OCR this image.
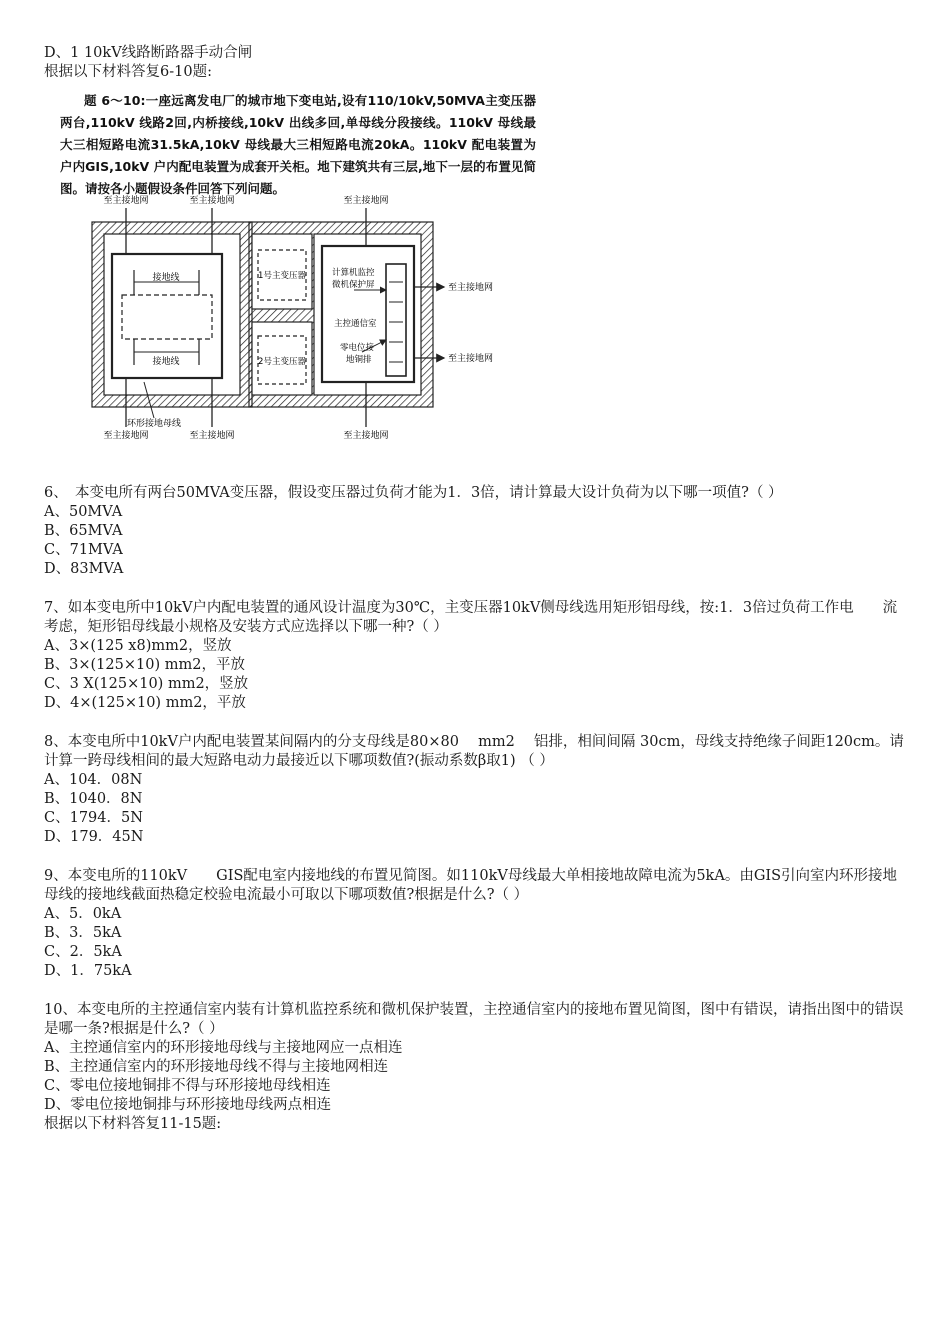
D、1 10kV线路断路器手动合闸
根据以下材料答复6-10题:
题 6～10:一座远离发电厂的城市地下变电站,设有110/10kV,50MVA主变压器两台,110kV 线路2回,内桥接线,10kV 出线多回,单母线分段接线。110kV 母线最大三相短路电流31.5kA,10kV 母线最大三相短路电流20kA。110kV 配电装置为户内GIS,10kV 户内配电装置为成套开关柜。地下建筑共有三层,地下一层的布置见简图。请按各小题假设条件回答下列问题。
至主接地网	至主接地网	至主接地网
至主接地网
至主接地网
至主接地网	至主接地网	至主接地网
接地线
接地线
1号主变压器
2号主变压器
计算机监控
微机保护屏
主控通信室
零电位接
地铜排
环形接地母线
6、　本变电所有两台50MVA变压器，假设变压器过负荷才能为1．3倍，请计算最大设计负荷为以下哪一项值?（ ）
A、50MVA
B、65MVA
C、71MVA
D、83MVA
7、如本变电所中10kV户内配电装置的通风设计温度为30℃，主变压器10kV侧母线选用矩形铝母线，按:1．3倍过负荷工作电　　流考虑，矩形铝母线最小规格及安装方式应选择以下哪一种?（ ）
A、3×(125 x8)mm2，竖放
B、3×(125×10) mm2，平放
C、3 X(125×10) mm2，竖放
D、4×(125×10) mm2，平放
8、本变电所中10kV户内配电装置某间隔内的分支母线是80×80　 mm2　 铝排，相间间隔 30cm，母线支持绝缘子间距120cm。请计算一跨母线相间的最大短路电动力最接近以下哪项数值?(振动系数β取1) （ ）
A、104．08N
B、1040．8N
C、1794．5N
D、179．45N
9、本变电所的110kV　　GIS配电室内接地线的布置见简图。如110kV母线最大单相接地故障电流为5kA。由GIS引向室内环形接地母线的接地线截面热稳定校验电流最小可取以下哪项数值?根据是什么?（ ）
A、5．0kA
B、3．5kA
C、2．5kA
D、1．75kA
10、本变电所的主控通信室内装有计算机监控系统和微机保护装置，主控通信室内的接地布置见简图，图中有错误，请指出图中的错误是哪一条?根据是什么?（ ）
A、主控通信室内的环形接地母线与主接地网应一点相连
B、主控通信室内的环形接地母线不得与主接地网相连
C、零电位接地铜排不得与环形接地母线相连
D、零电位接地铜排与环形接地母线两点相连
根据以下材料答复11-15题:
